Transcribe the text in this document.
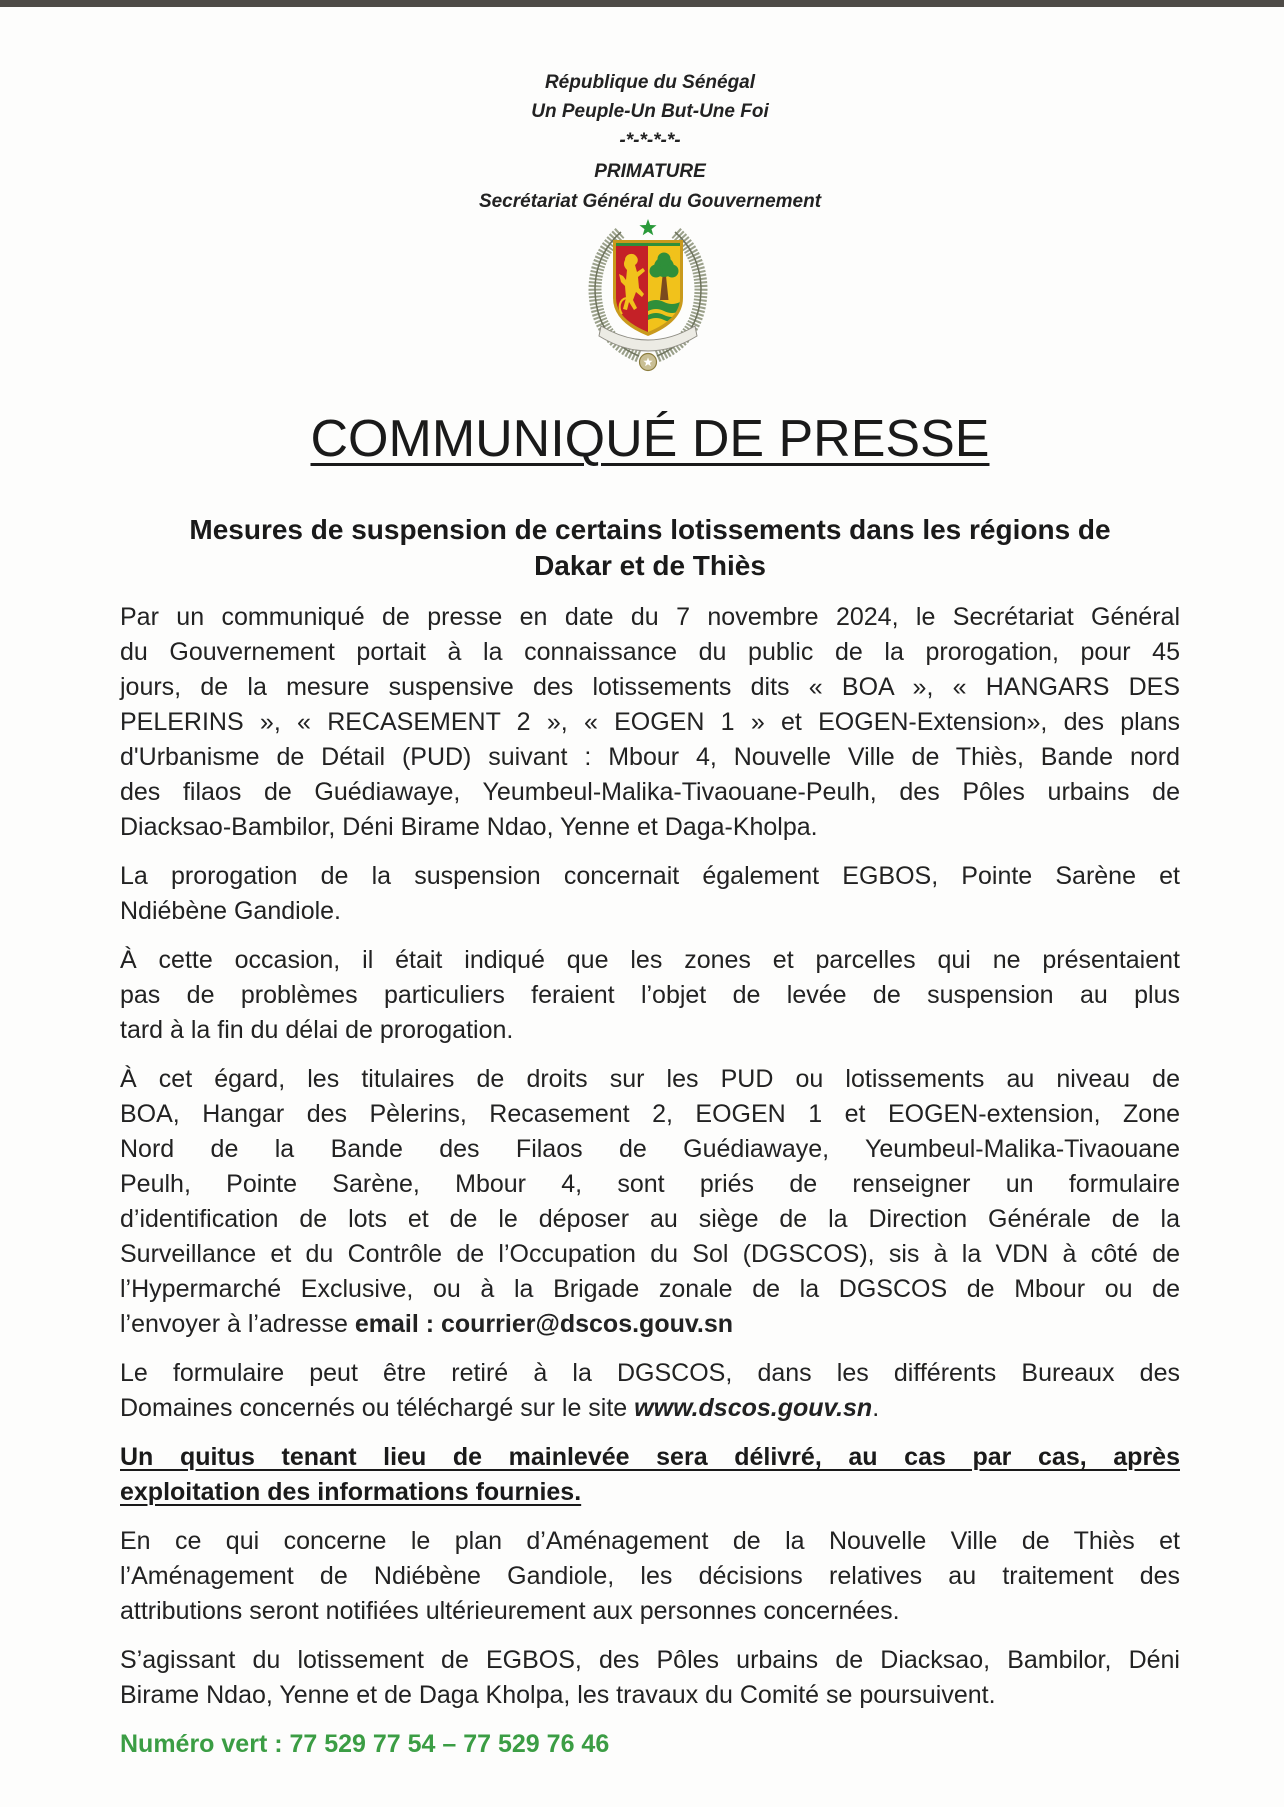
République du Sénégal
Un Peuple-Un But-Une Foi
-*-*-*-*-
PRIMATURE
Secrétariat Général du Gouvernement
COMMUNIQUÉ DE PRESSE
Mesures de suspension de certains lotissements dans les régions de
Dakar et de Thiès
Par un communiqué de presse en date du 7 novembre 2024, le Secrétariat Général
du Gouvernement portait à la connaissance du public de la prorogation, pour 45
jours, de la mesure suspensive des lotissements dits « BOA », « HANGARS DES
PELERINS », « RECASEMENT 2 », « EOGEN 1 » et EOGEN-Extension», des plans
d'Urbanisme de Détail (PUD) suivant : Mbour 4, Nouvelle Ville de Thiès, Bande nord
des filaos de Guédiawaye, Yeumbeul-Malika-Tivaouane-Peulh, des Pôles urbains de
Diacksao-Bambilor, Déni Birame Ndao, Yenne et Daga-Kholpa.
La prorogation de la suspension concernait également EGBOS, Pointe Sarène et
Ndiébène Gandiole.
À cette occasion, il était indiqué que les zones et parcelles qui ne présentaient
pas de problèmes particuliers feraient l’objet de levée de suspension au plus
tard à la fin du délai de prorogation.
À cet égard, les titulaires de droits sur les PUD ou lotissements au niveau de
BOA, Hangar des Pèlerins, Recasement 2, EOGEN 1 et EOGEN-extension, Zone
Nord de la Bande des Filaos de Guédiawaye, Yeumbeul-Malika-Tivaouane
Peulh, Pointe Sarène, Mbour 4, sont priés de renseigner un formulaire
d’identification de lots et de le déposer au siège de la Direction Générale de la
Surveillance et du Contrôle de l’Occupation du Sol (DGSCOS), sis à la VDN à côté de
l’Hypermarché Exclusive, ou à la Brigade zonale de la DGSCOS de Mbour ou de
l’envoyer à l’adresse email : courrier@dscos.gouv.sn
Le formulaire peut être retiré à la DGSCOS, dans les différents Bureaux des
Domaines concernés ou téléchargé sur le site www.dscos.gouv.sn.
Un quitus tenant lieu de mainlevée sera délivré, au cas par cas, après
exploitation des informations fournies.
En ce qui concerne le plan d’Aménagement de la Nouvelle Ville de Thiès et
l’Aménagement de Ndiébène Gandiole, les décisions relatives au traitement des
attributions seront notifiées ultérieurement aux personnes concernées.
S’agissant du lotissement de EGBOS, des Pôles urbains de Diacksao, Bambilor, Déni
Birame Ndao, Yenne et de Daga Kholpa, les travaux du Comité se poursuivent.
Numéro vert : 77 529 77 54 – 77 529 76 46
